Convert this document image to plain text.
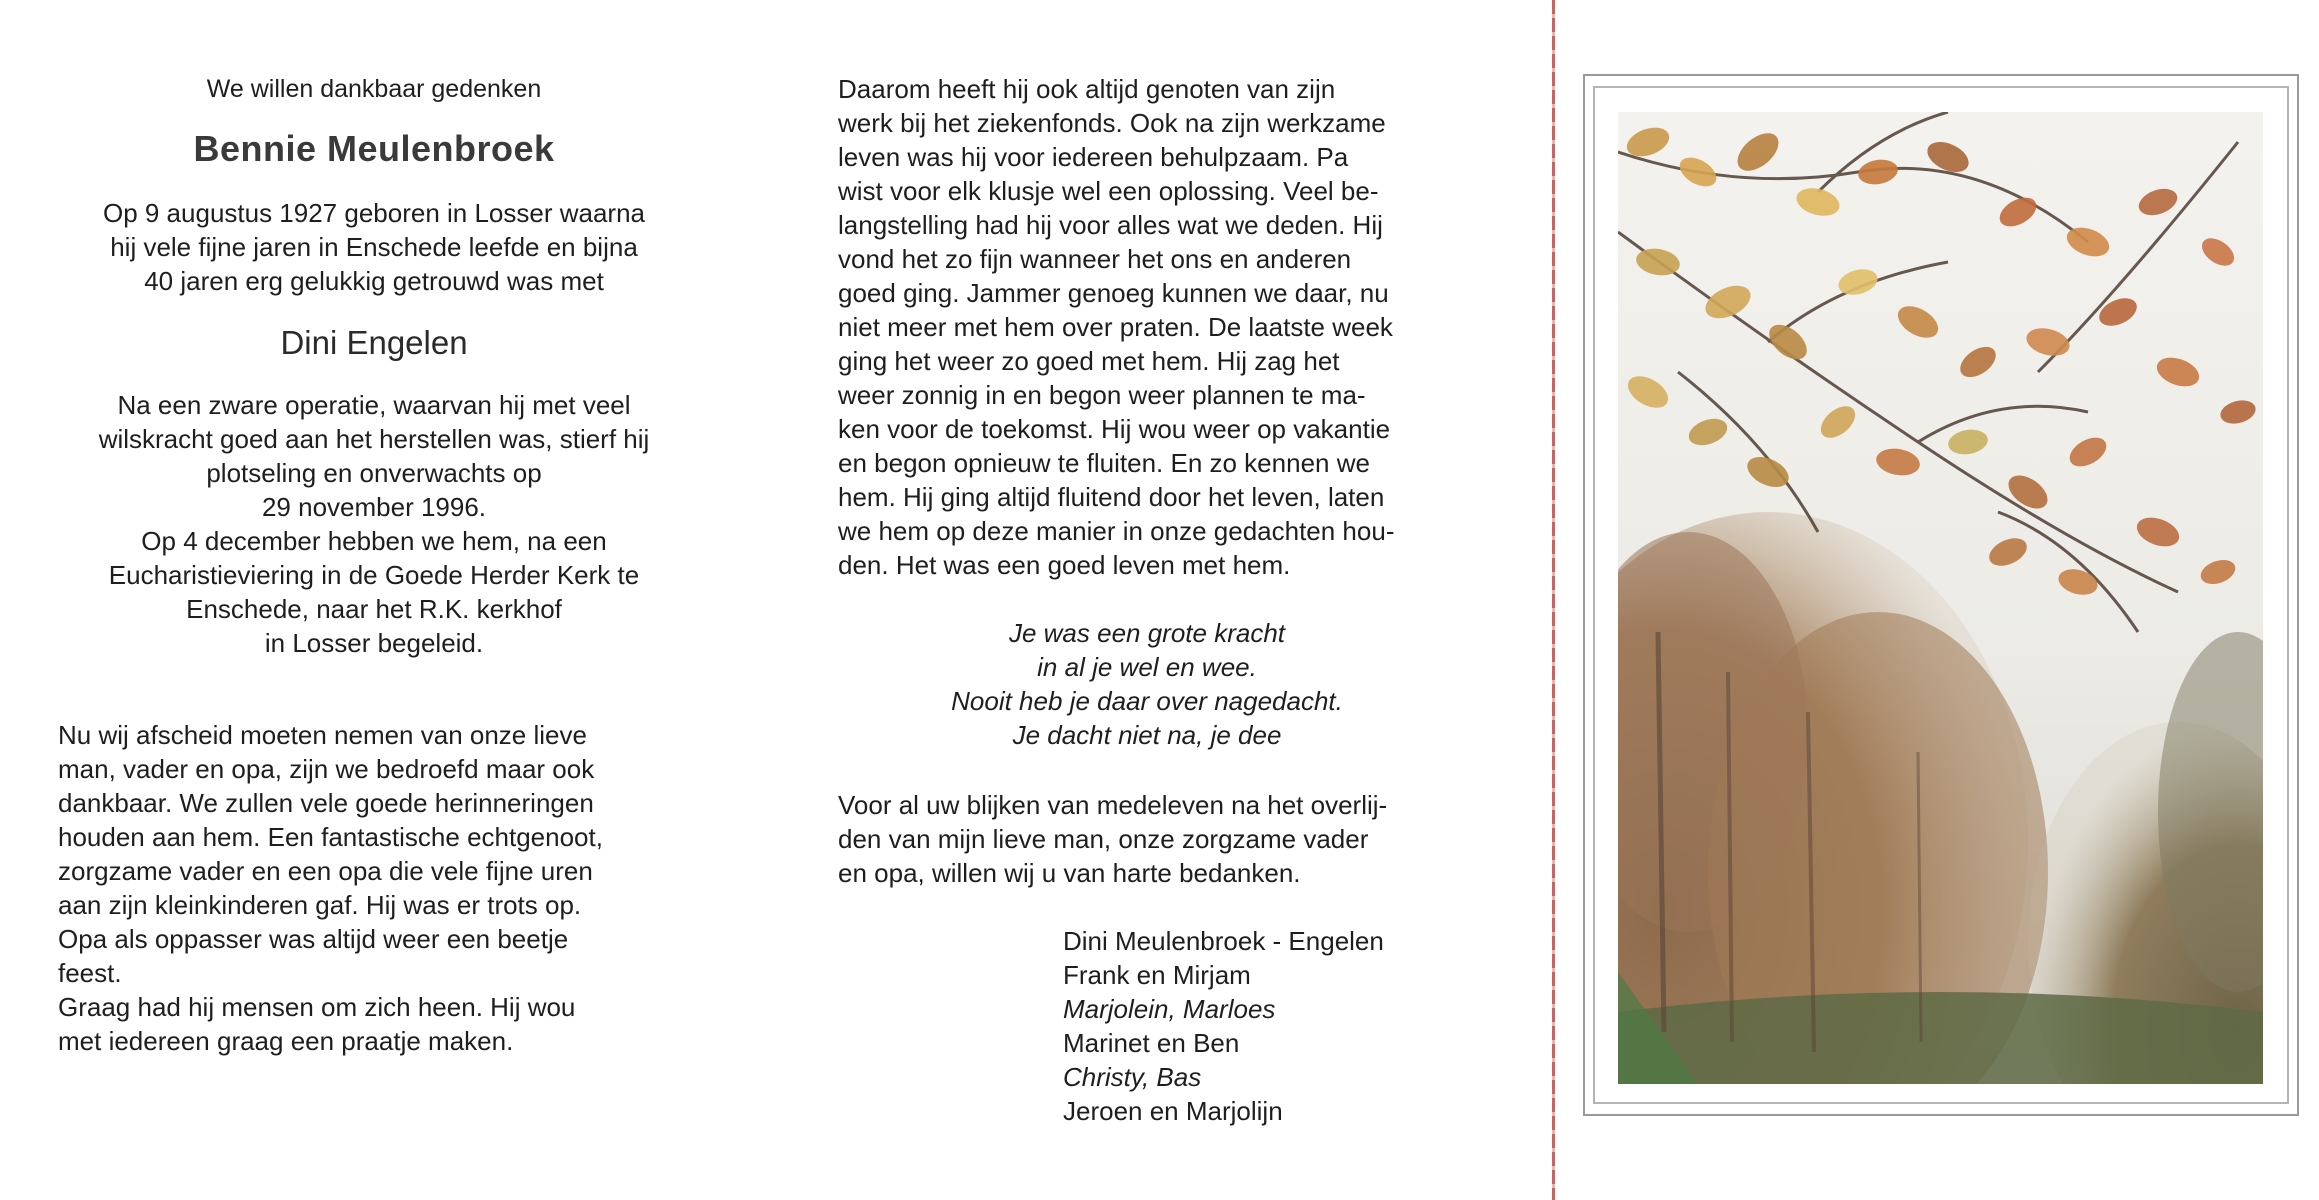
We willen dankbaar gedenken
Bennie Meulenbroek
Op 9 augustus 1927 geboren in Losser waarna
hij vele fijne jaren in Enschede leefde en bijna
40 jaren erg gelukkig getrouwd was met
Dini Engelen
Na een zware operatie, waarvan hij met veel
wilskracht goed aan het herstellen was, stierf hij
plotseling en onverwachts op
29 november 1996.
Op 4 december hebben we hem, na een
Eucharistieviering in de Goede Herder Kerk te
Enschede, naar het R.K. kerkhof
in Losser begeleid.
Nu wij afscheid moeten nemen van onze lieve
man, vader en opa, zijn we bedroefd maar ook
dankbaar. We zullen vele goede herinneringen
houden aan hem. Een fantastische echtgenoot,
zorgzame vader en een opa die vele fijne uren
aan zijn kleinkinderen gaf. Hij was er trots op.
Opa als oppasser was altijd weer een beetje
feest.
Graag had hij mensen om zich heen. Hij wou
met iedereen graag een praatje maken.
Daarom heeft hij ook altijd genoten van zijn
werk bij het ziekenfonds. Ook na zijn werkzame
leven was hij voor iedereen behulpzaam. Pa
wist voor elk klusje wel een oplossing. Veel be-
langstelling had hij voor alles wat we deden. Hij
vond het zo fijn wanneer het ons en anderen
goed ging. Jammer genoeg kunnen we daar, nu
niet meer met hem over praten. De laatste week
ging het weer zo goed met hem. Hij zag het
weer zonnig in en begon weer plannen te ma-
ken voor de toekomst. Hij wou weer op vakantie
en begon opnieuw te fluiten. En zo kennen we
hem. Hij ging altijd fluitend door het leven, laten
we hem op deze manier in onze gedachten hou-
den. Het was een goed leven met hem.
Je was een grote kracht
in al je wel en wee.
Nooit heb je daar over nagedacht.
Je dacht niet na, je dee
Voor al uw blijken van medeleven na het overlij-
den van mijn lieve man, onze zorgzame vader
en opa, willen wij u van harte bedanken.
Dini Meulenbroek - Engelen
Frank en Mirjam
Marjolein, Marloes
Marinet en Ben
Christy, Bas
Jeroen en Marjolijn
